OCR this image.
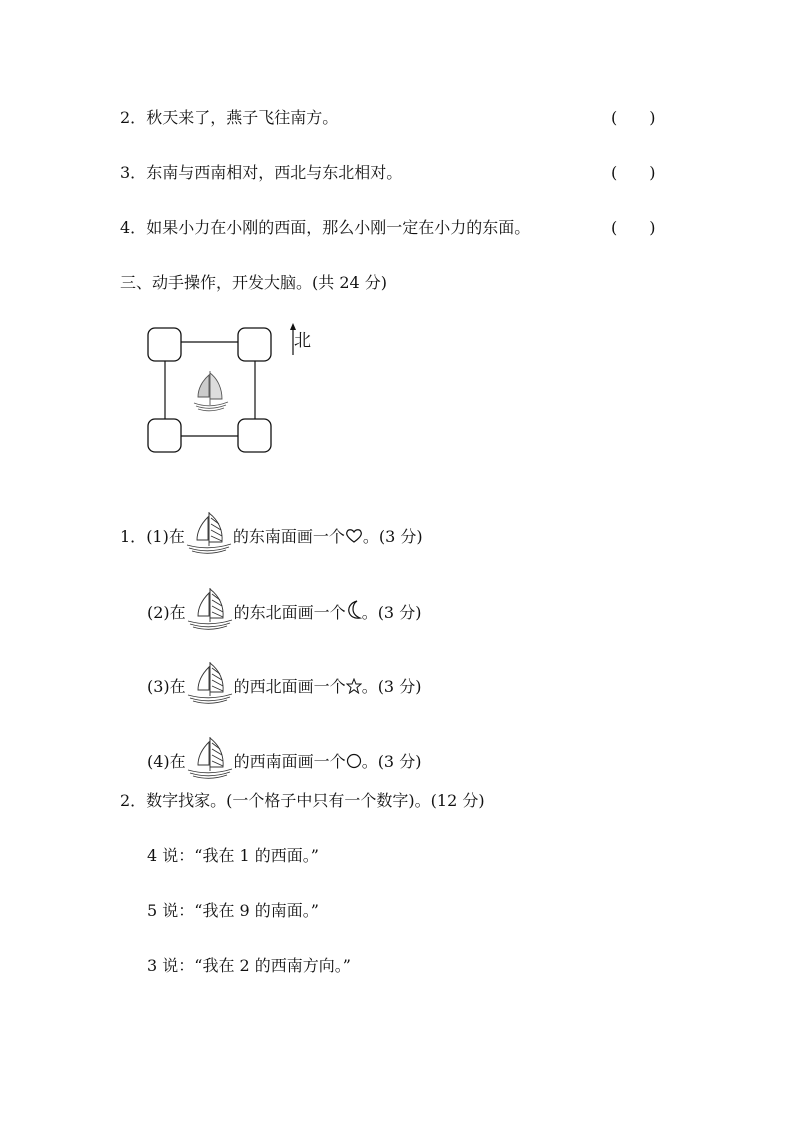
2．秋天来了，燕子飞往南方。	(　　)
3．东南与西南相对，西北与东北相对。	(　　)
4．如果小力在小刚的西面，那么小刚一定在小力的东面。	(　　)
三、动手操作，开发大脑。(共 24 分)
北
1．(1)在	的东南面画一个 。(3 分)
(2)在	的东北面画一个 。(3 分)
(3)在	的西北面画一个 。(3 分)
(4)在	的西南面画一个 。(3 分)
2．数字找家。(一个格子中只有一个数字)。(12 分)
4 说：“我在 1 的西面。”
5 说：“我在 9 的南面。”
3 说：“我在 2 的西南方向。”
